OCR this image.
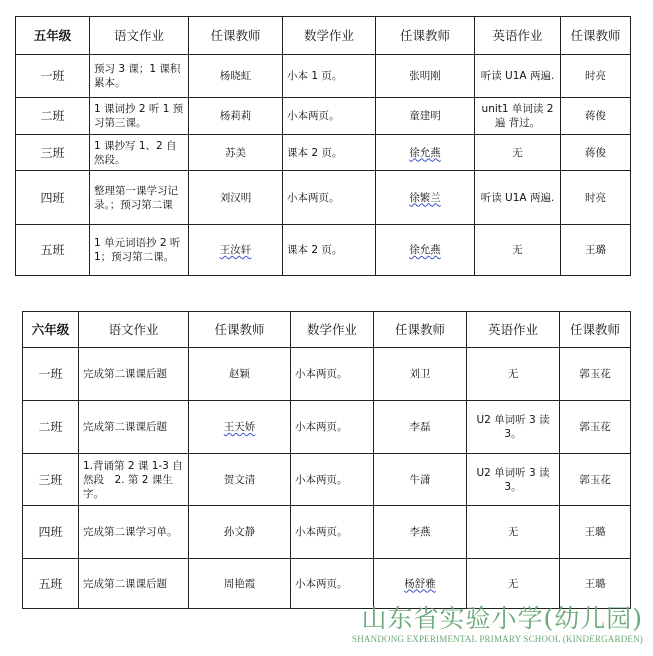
五年级	语文作业	任课教师	数学作业	任课教师	英语作业	任课教师
一班	预习 3 课；1 课积累本。	杨晓虹	小本 1 页。	张明刚	听读 U1A 两遍.	时亮
二班	1 课词抄 2 听 1 预习第三课。	杨莉莉	小本两页。	童建明	unit1 单词读 2 遍 背过。	蒋俊
三班	1 课抄写 1、2 自然段。	苏美	课本 2 页。	徐允燕	无	蒋俊
四班	整理第一课学习记录。；预习第二课	刘汉明	小本两页。	徐繁兰	听读 U1A 两遍.	时亮
五班	1 单元词语抄 2 听 1；预习第二课。	王汝轩	课本 2 页。	徐允燕	无	王璐
六年级	语文作业	任课教师	数学作业	任课教师	英语作业	任课教师
一班	完成第二课课后题	赵颖	小本两页。	刘卫	无	郭玉花
二班	完成第二课课后题	王天娇	小本两页。	李磊	U2 单词听 3 读 3。	郭玉花
三班	1.背诵第 2 课 1-3 自然段　2. 第 2 课生字。	贺文清	小本两页。	牛潇	U2 单词听 3 读 3。	郭玉花
四班	完成第二课学习单。	孙文静	小本两页。	李燕	无	王璐
五班	完成第二课课后题	周艳霞	小本两页。	杨舒雅	无	王璐
山东省实验小学(幼儿园)
SHANDONG EXPERIMENTAL PRIMARY SCHOOL (KINDERGARDEN)
